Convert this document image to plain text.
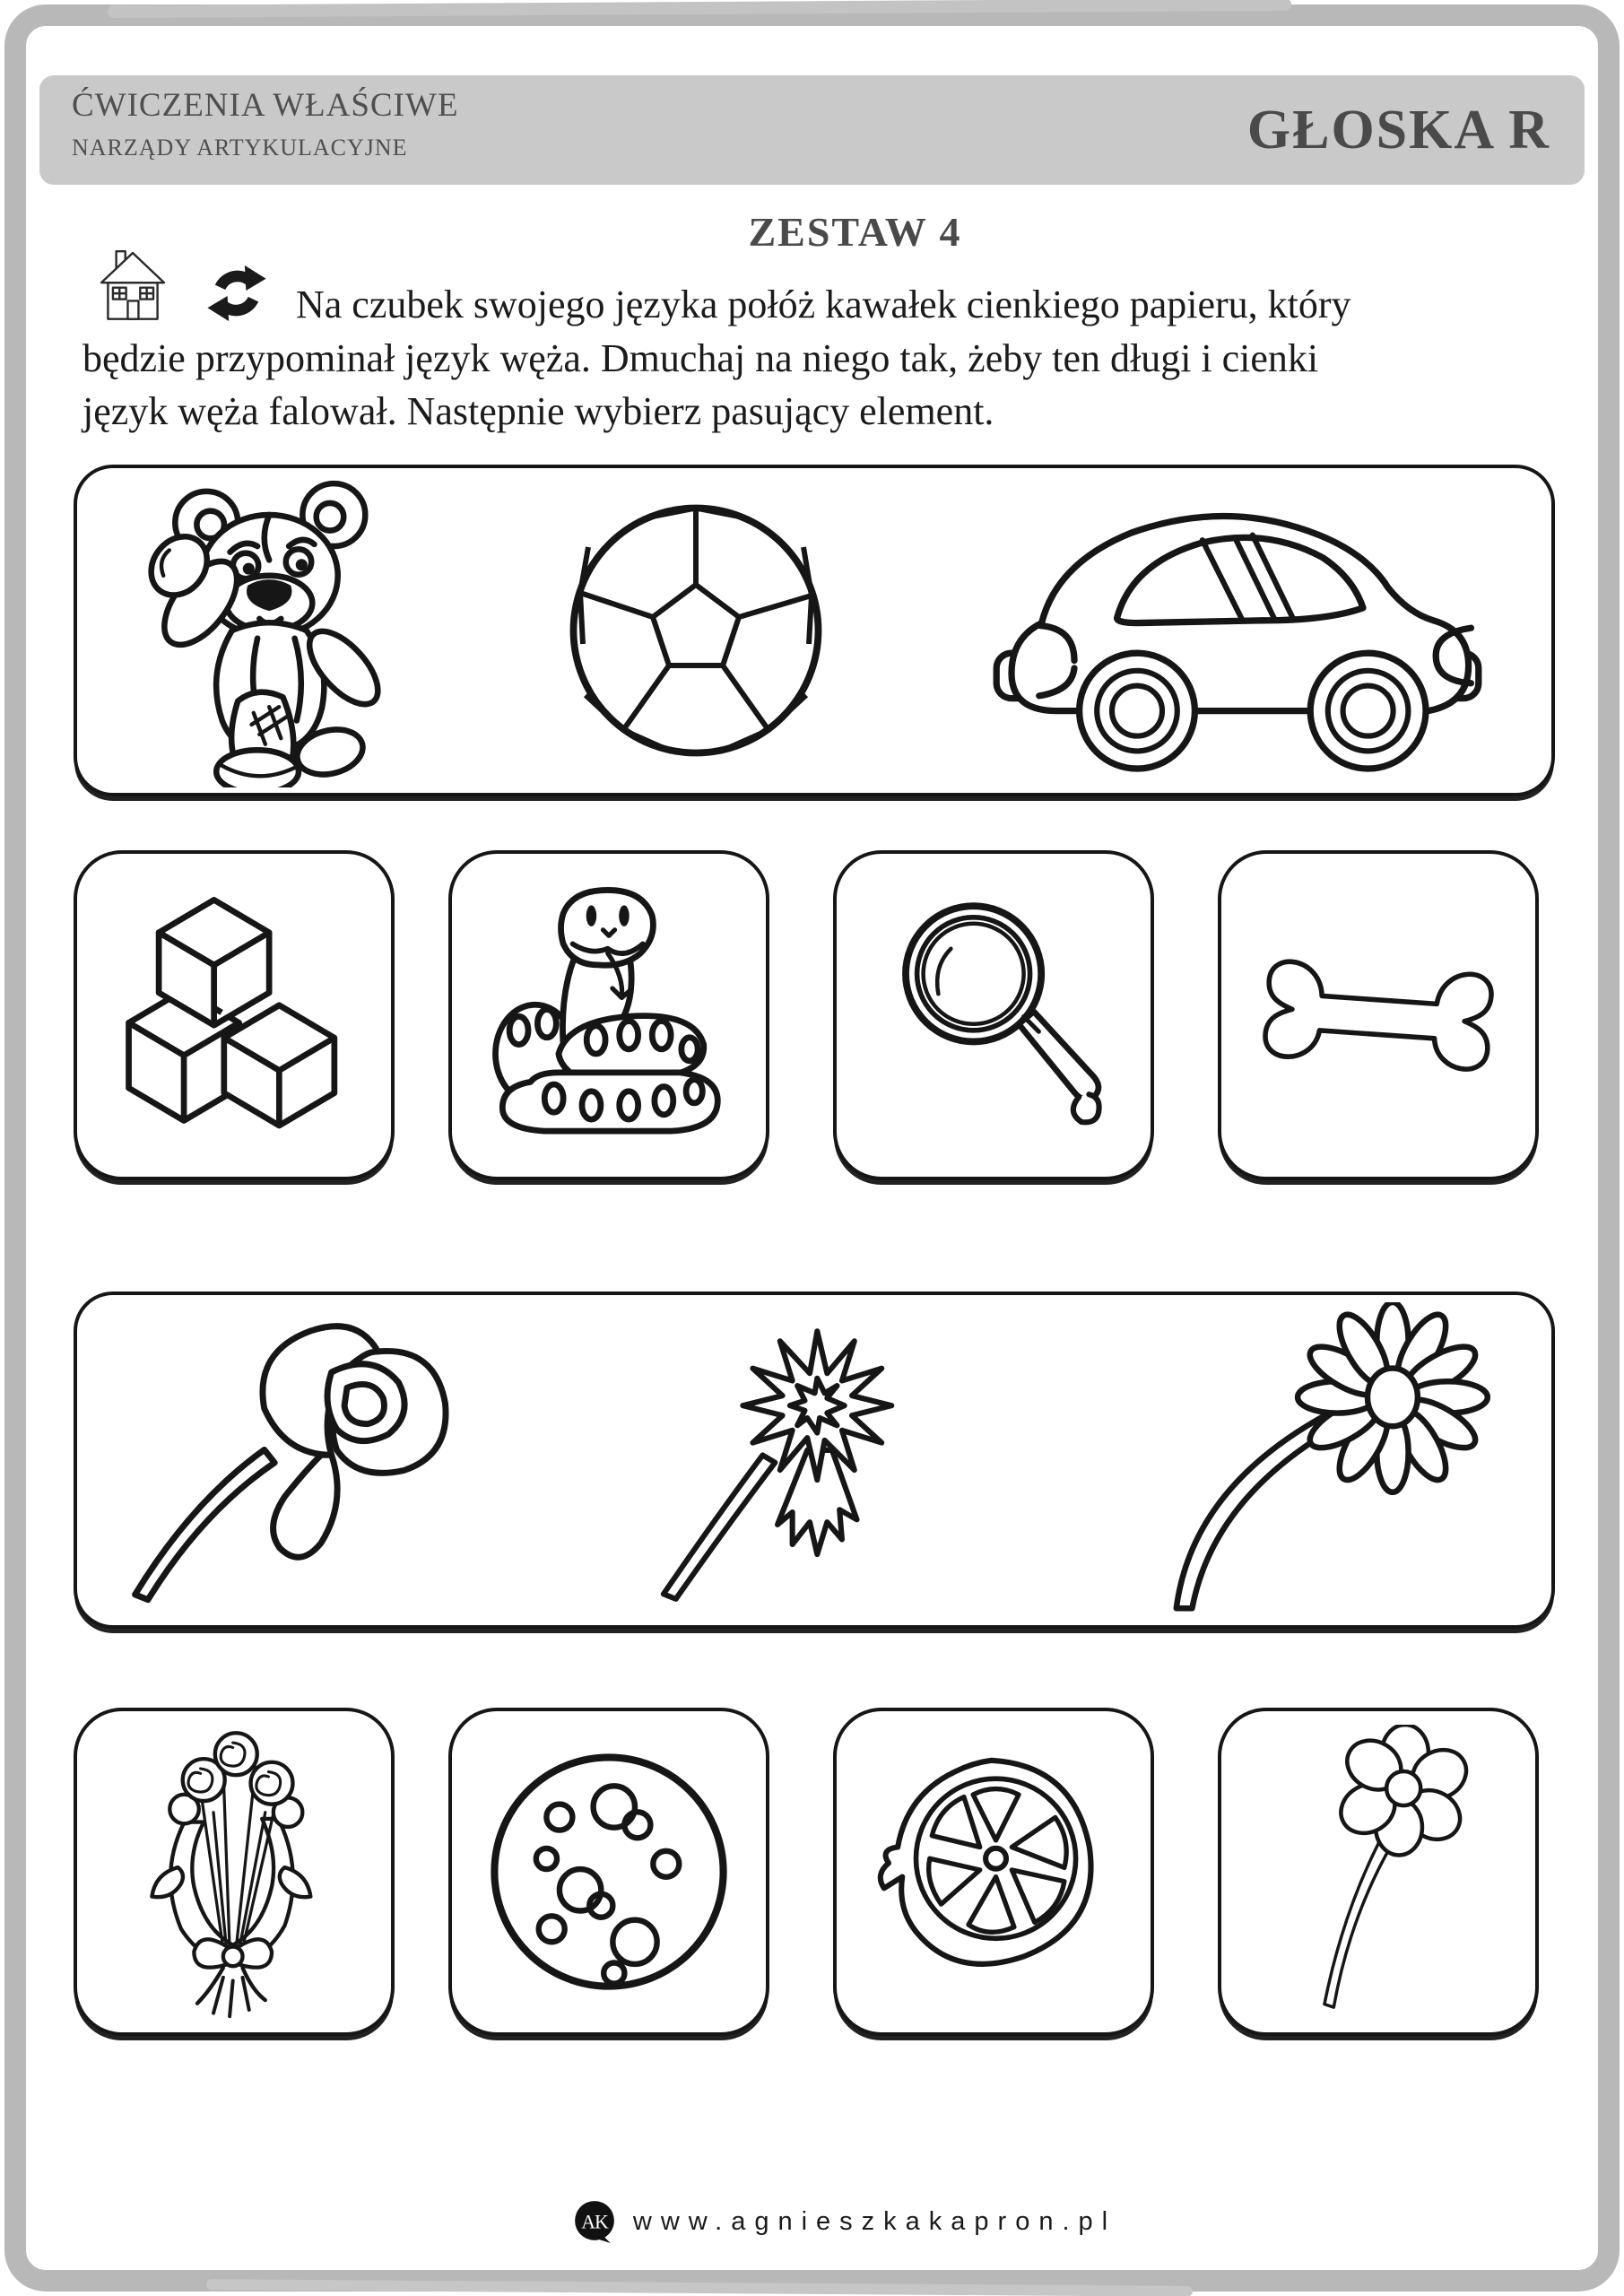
ĆWICZENIA WŁAŚCIWE
NARZĄDY ARTYKULACYJNE	GŁOSKA R
ZESTAW 4
Na czubek swojego języka połóż kawałek cienkiego papieru, który
będzie przypominał język węża. Dmuchaj na niego tak, żeby ten długi i cienki
język węża falował. Następnie wybierz pasujący element.
AK www.agnieszkakapron.pl
